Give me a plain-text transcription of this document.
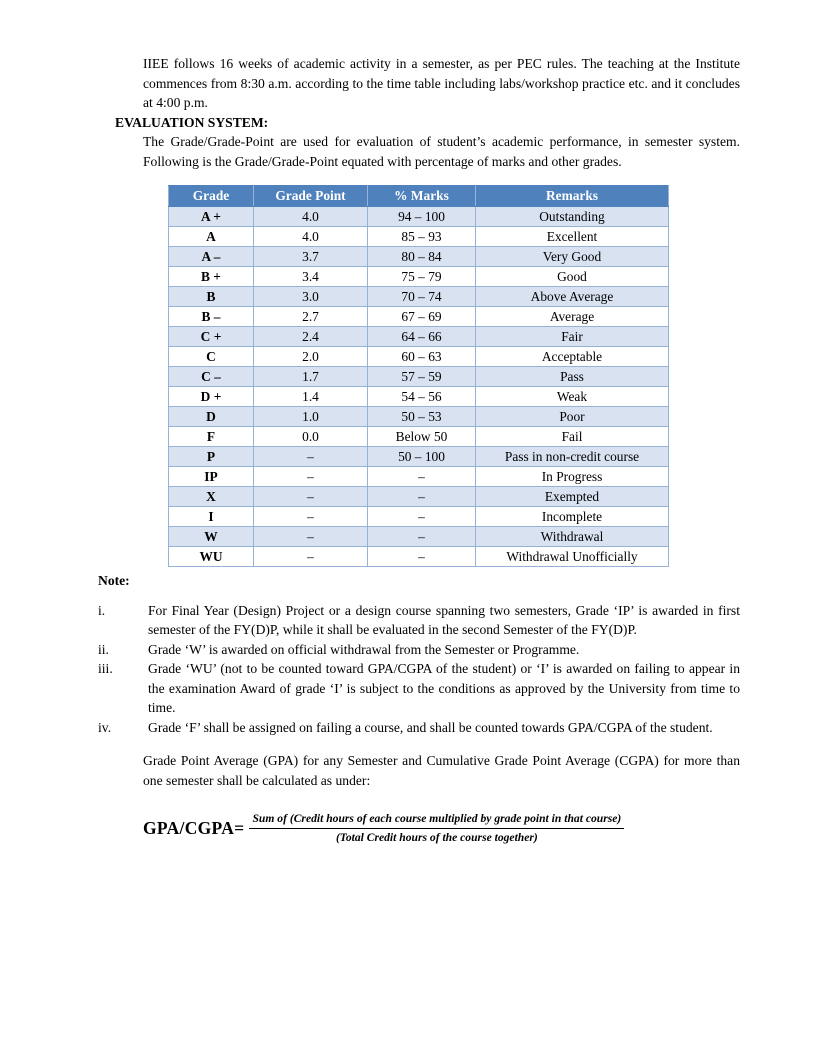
IIEE follows 16 weeks of academic activity in a semester, as per PEC rules. The teaching at the Institute commences from 8:30 a.m. according to the time table including labs/workshop practice etc. and it concludes at 4:00 p.m.

EVALUATION SYSTEM:

The Grade/Grade-Point are used for evaluation of student’s academic performance, in semester system. Following is the Grade/Grade-Point equated with percentage of marks and other grades.

Grade	Grade Point	% Marks	Remarks
A +	4.0	94 – 100	Outstanding
A	4.0	85 – 93	Excellent
A –	3.7	80 – 84	Very Good
B +	3.4	75 – 79	Good
B	3.0	70 – 74	Above Average
B –	2.7	67 – 69	Average
C +	2.4	64 – 66	Fair
C	2.0	60 – 63	Acceptable
C –	1.7	57 – 59	Pass
D +	1.4	54 – 56	Weak
D	1.0	50 – 53	Poor
F	0.0	Below 50	Fail
P	–	50 – 100	Pass in non-credit course
IP	–	–	In Progress
X	–	–	Exempted
I	–	–	Incomplete
W	–	–	Withdrawal
WU	–	–	Withdrawal Unofficially
Note:
i.	For Final Year (Design) Project or a design course spanning two semesters, Grade ‘IP’ is awarded in first semester of the FY(D)P, while it shall be evaluated in the second Semester of the FY(D)P.
ii.	Grade ‘W’ is awarded on official withdrawal from the Semester or Programme.
iii.	Grade ‘WU’ (not to be counted toward GPA/CGPA of the student) or ‘I’ is awarded on failing to appear in the examination Award of grade ‘I’ is subject to the conditions as approved by the University from time to time.
iv.	Grade ‘F’ shall be assigned on failing a course, and shall be counted towards GPA/CGPA of the student.

Grade Point Average (GPA) for any Semester and Cumulative Grade Point Average (CGPA) for more than one semester shall be calculated as under:

GPA/CGPA= Sum of (Credit hours of each course multiplied by grade point in that course)
(Total Credit hours of the course together)
